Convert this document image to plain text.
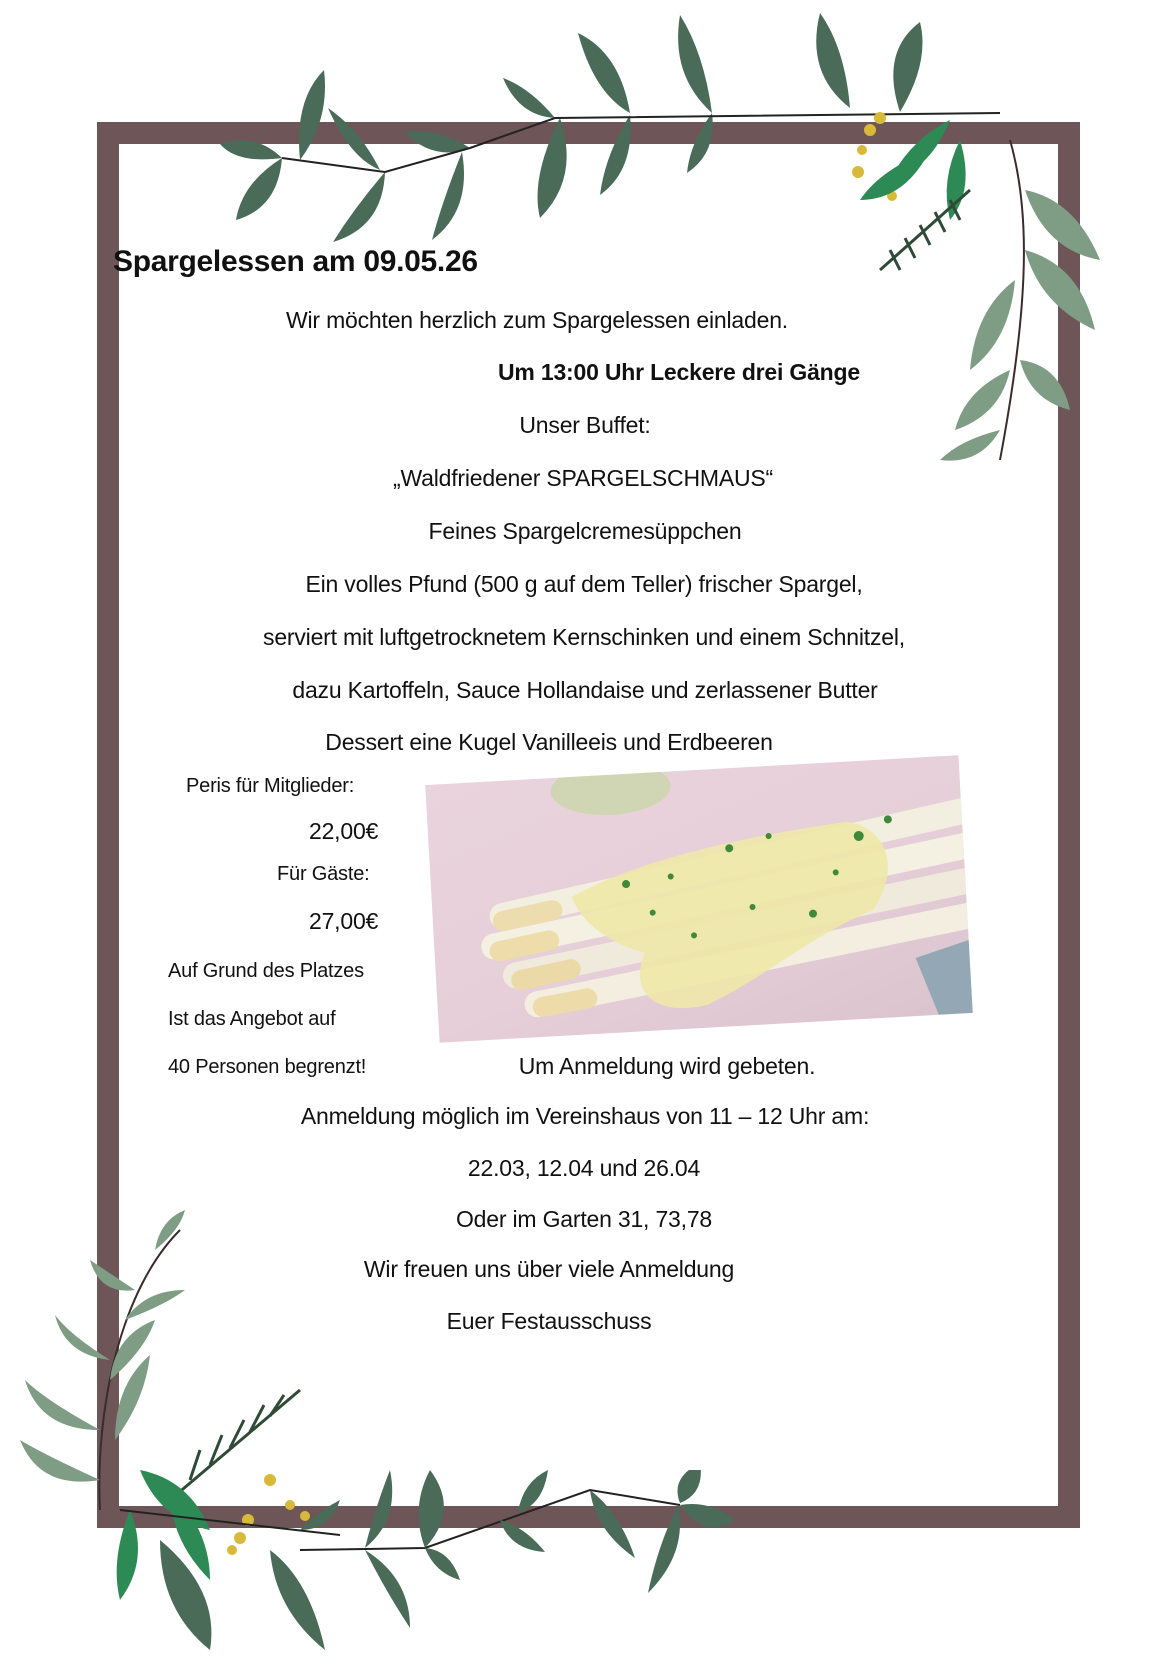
Spargelessen am 09.05.26
Wir möchten herzlich zum Spargelessen einladen.
Um 13:00 Uhr Leckere drei Gänge
Unser Buffet:
„Waldfriedener SPARGELSCHMAUS“
Feines Spargelcremesüppchen
Ein volles Pfund (500 g auf dem Teller) frischer Spargel,
serviert mit luftgetrocknetem Kernschinken und einem Schnitzel,
dazu Kartoffeln, Sauce Hollandaise und zerlassener Butter
Dessert eine Kugel Vanilleeis und Erdbeeren
Peris für Mitglieder:
22,00€
Für Gäste:
27,00€
Auf Grund des Platzes
Ist das Angebot auf
40 Personen begrenzt!	Um Anmeldung wird gebeten.
Anmeldung möglich im Vereinshaus von 11 – 12 Uhr am:
22.03, 12.04 und 26.04
Oder im Garten 31, 73,78
Wir freuen uns über viele Anmeldung
Euer Festausschuss
